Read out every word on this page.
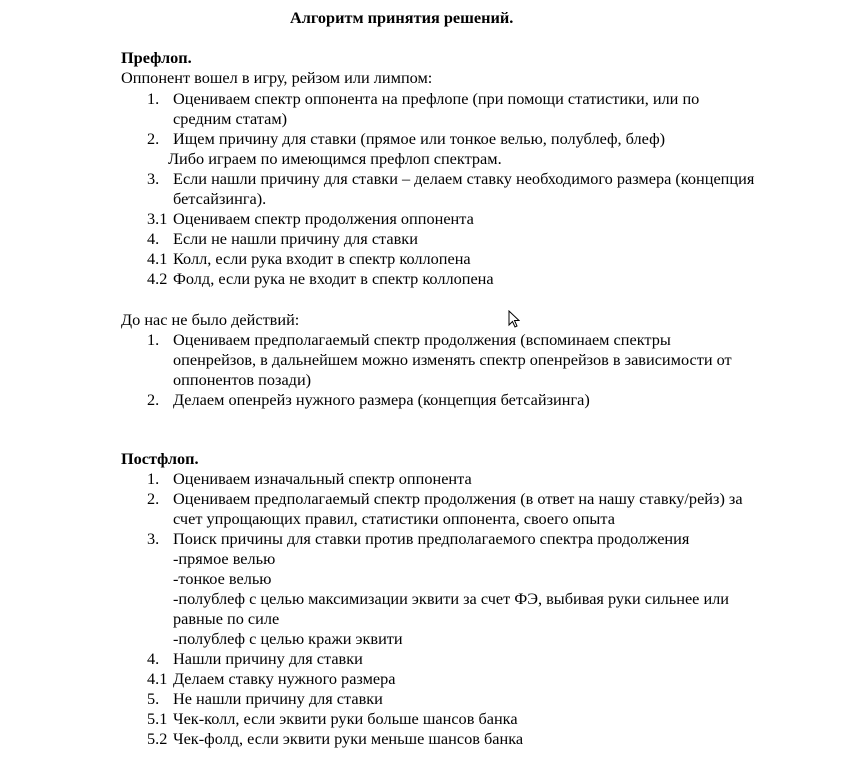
Алгоритм принятия решений.
Префлоп.
Оппонент вошел в игру, рейзом или лимпом:
1. Оцениваем спектр оппонента на префлопе (при помощи статистики, или по
средним статам)
2. Ищем причину для ставки (прямое или тонкое велью, полублеф, блеф)
Либо играем по имеющимся префлоп спектрам.
3. Если нашли причину для ставки – делаем ставку необходимого размера (концепция
бетсайзинга).
3.1 Оцениваем спектр продолжения оппонента
4. Если не нашли причину для ставки
4.1 Колл, если рука входит в спектр коллопена
4.2 Фолд, если рука не входит в спектр коллопена
До нас не было действий:
1. Оцениваем предполагаемый спектр продолжения (вспоминаем спектры
опенрейзов, в дальнейшем можно изменять спектр опенрейзов в зависимости от
оппонентов позади)
2. Делаем опенрейз нужного размера (концепция бетсайзинга)
Постфлоп.
1. Оцениваем изначальный спектр оппонента
2. Оцениваем предполагаемый спектр продолжения (в ответ на нашу ставку/рейз) за
счет упрощающих правил, статистики оппонента, своего опыта
3. Поиск причины для ставки против предполагаемого спектра продолжения
-прямое велью
-тонкое велью
-полублеф с целью максимизации эквити за счет ФЭ, выбивая руки сильнее или
равные по силе
-полублеф с целью кражи эквити
4. Нашли причину для ставки
4.1 Делаем ставку нужного размера
5. Не нашли причину для ставки
5.1 Чек-колл, если эквити руки больше шансов банка
5.2 Чек-фолд, если эквити руки меньше шансов банка
